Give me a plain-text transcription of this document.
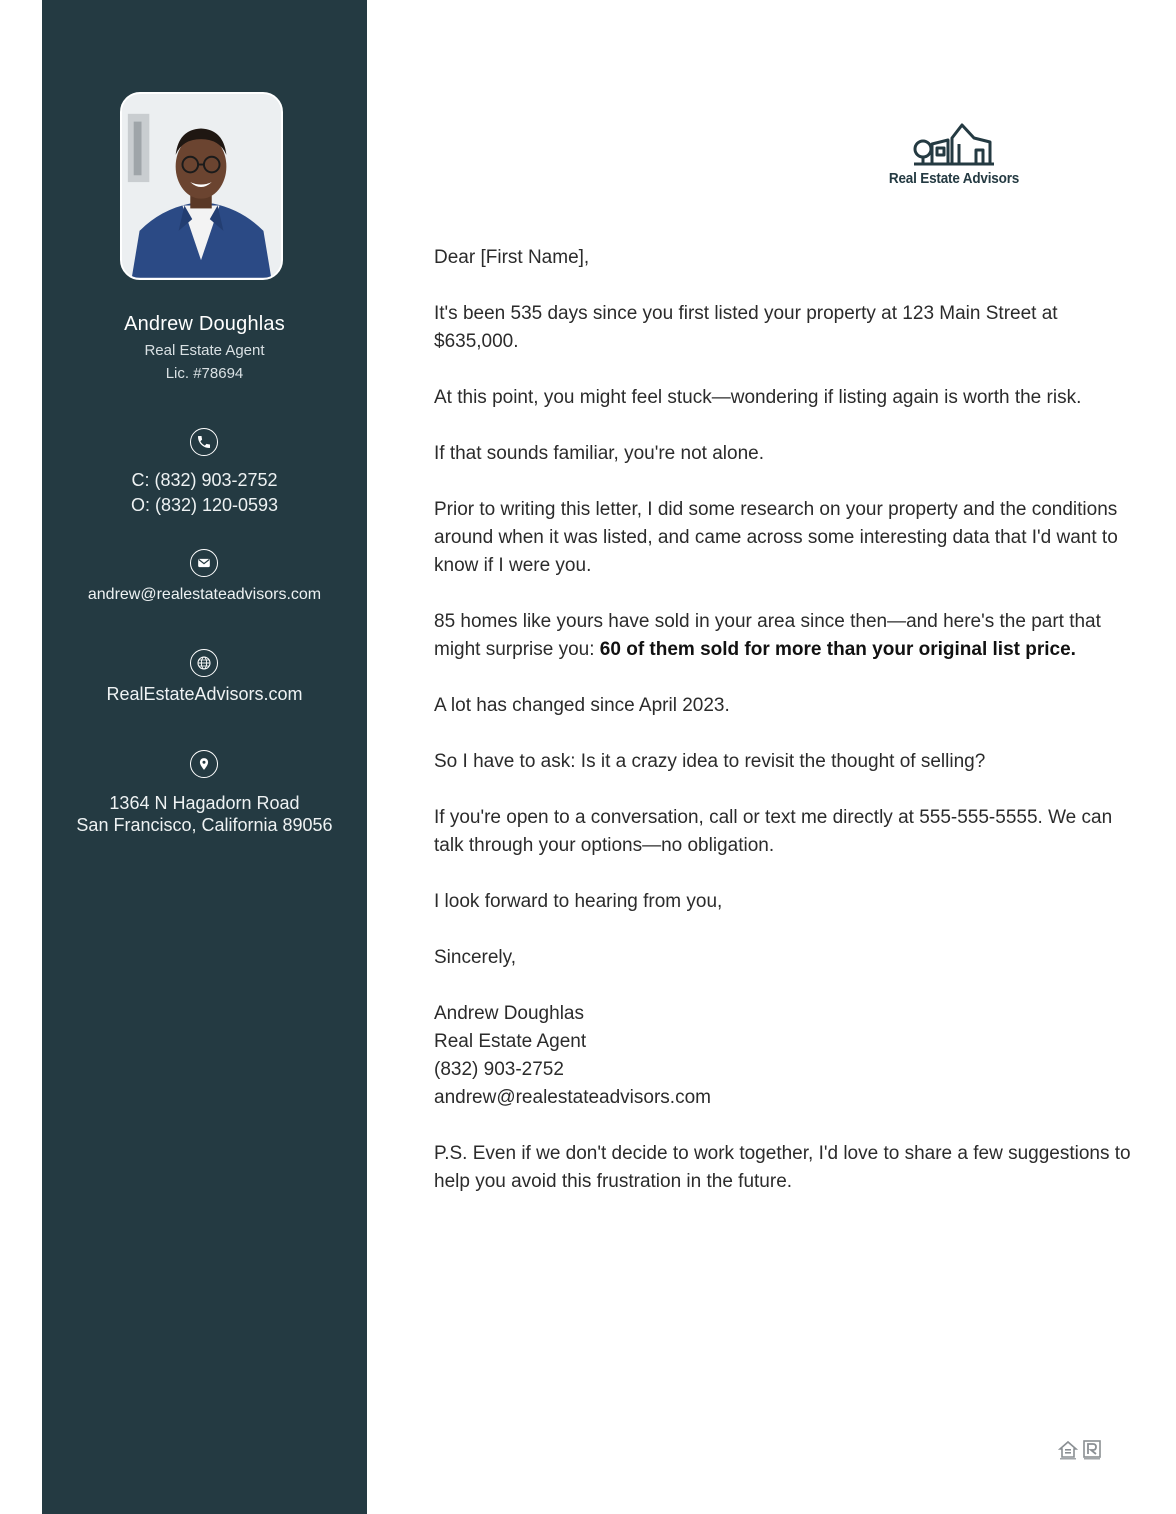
Andrew Doughlas
Real Estate Agent
Lic. #78694
C: (832) 903-2752
O: (832) 120-0593
andrew@realestateadvisors.com
RealEstateAdvisors.com
1364 N Hagadorn Road
San Francisco, California 89056
Real Estate Advisors

Dear [First Name],

It's been 535 days since you first listed your property at 123 Main Street at $635,000.

At this point, you might feel stuck—wondering if listing again is worth the risk.

If that sounds familiar, you're not alone.

Prior to writing this letter, I did some research on your property and the conditions around when it was listed, and came across some interesting data that I'd want to know if I were you.

85 homes like yours have sold in your area since then—and here's the part that might surprise you: 60 of them sold for more than your original list price.

A lot has changed since April 2023.

So I have to ask: Is it a crazy idea to revisit the thought of selling?

If you're open to a conversation, call or text me directly at 555-555-5555. We can talk through your options—no obligation.

I look forward to hearing from you,

Sincerely,

Andrew Doughlas
Real Estate Agent
(832) 903-2752
andrew@realestateadvisors.com

P.S. Even if we don't decide to work together, I'd love to share a few suggestions to help you avoid this frustration in the future.
